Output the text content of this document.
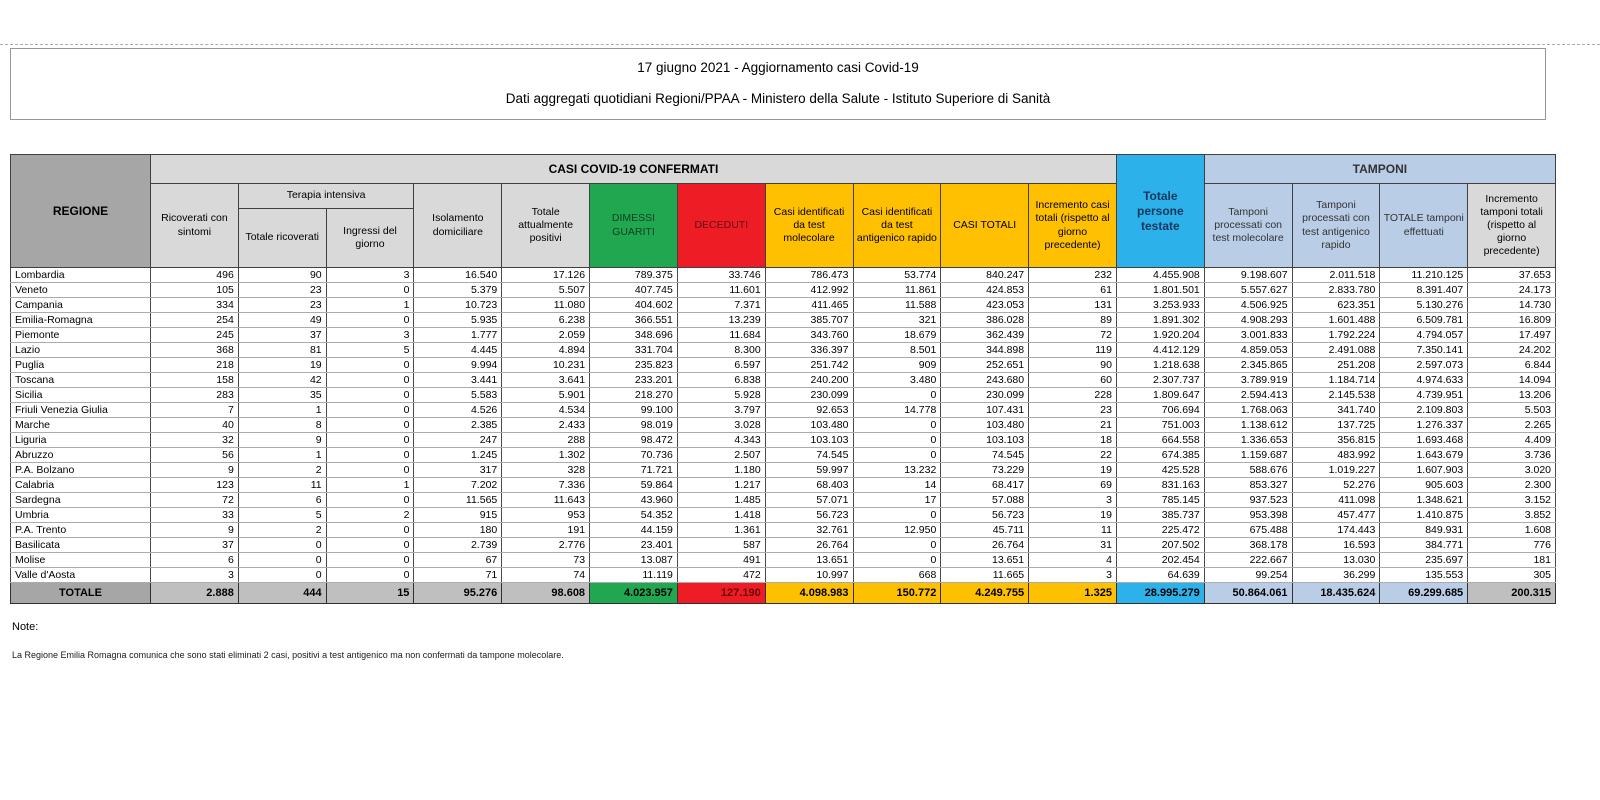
17 giugno 2021 - Aggiornamento casi Covid-19
Dati aggregati quotidiani Regioni/PPAA - Ministero della Salute - Istituto Superiore di Sanità
REGIONE	CASI COVID-19 CONFERMATI											Totale persone testate	TAMPONI			
	Ricoverati con sintomi	Terapia intensiva		Isolamento domiciliare	Totale attualmente positivi	DIMESSI GUARITI	DECEDUTI	Casi identificati da test molecolare	Casi identificati da test antigenico rapido	CASI TOTALI	Incremento casi totali (rispetto al giorno precedente)		Tamponi processati con test molecolare	Tamponi processati con test antigenico rapido	TOTALE tamponi effettuati	Incremento tamponi totali (rispetto al giorno precedente)
		Totale ricoverati	Ingressi del giorno													
Lombardia	496	90	3	16.540	17.126	789.375	33.746	786.473	53.774	840.247	232	4.455.908	9.198.607	2.011.518	11.210.125	37.653
Veneto	105	23	0	5.379	5.507	407.745	11.601	412.992	11.861	424.853	61	1.801.501	5.557.627	2.833.780	8.391.407	24.173
Campania	334	23	1	10.723	11.080	404.602	7.371	411.465	11.588	423.053	131	3.253.933	4.506.925	623.351	5.130.276	14.730
Emilia-Romagna	254	49	0	5.935	6.238	366.551	13.239	385.707	321	386.028	89	1.891.302	4.908.293	1.601.488	6.509.781	16.809
Piemonte	245	37	3	1.777	2.059	348.696	11.684	343.760	18.679	362.439	72	1.920.204	3.001.833	1.792.224	4.794.057	17.497
Lazio	368	81	5	4.445	4.894	331.704	8.300	336.397	8.501	344.898	119	4.412.129	4.859.053	2.491.088	7.350.141	24.202
Puglia	218	19	0	9.994	10.231	235.823	6.597	251.742	909	252.651	90	1.218.638	2.345.865	251.208	2.597.073	6.844
Toscana	158	42	0	3.441	3.641	233.201	6.838	240.200	3.480	243.680	60	2.307.737	3.789.919	1.184.714	4.974.633	14.094
Sicilia	283	35	0	5.583	5.901	218.270	5.928	230.099	0	230.099	228	1.809.647	2.594.413	2.145.538	4.739.951	13.206
Friuli Venezia Giulia	7	1	0	4.526	4.534	99.100	3.797	92.653	14.778	107.431	23	706.694	1.768.063	341.740	2.109.803	5.503
Marche	40	8	0	2.385	2.433	98.019	3.028	103.480	0	103.480	21	751.003	1.138.612	137.725	1.276.337	2.265
Liguria	32	9	0	247	288	98.472	4.343	103.103	0	103.103	18	664.558	1.336.653	356.815	1.693.468	4.409
Abruzzo	56	1	0	1.245	1.302	70.736	2.507	74.545	0	74.545	22	674.385	1.159.687	483.992	1.643.679	3.736
P.A. Bolzano	9	2	0	317	328	71.721	1.180	59.997	13.232	73.229	19	425.528	588.676	1.019.227	1.607.903	3.020
Calabria	123	11	1	7.202	7.336	59.864	1.217	68.403	14	68.417	69	831.163	853.327	52.276	905.603	2.300
Sardegna	72	6	0	11.565	11.643	43.960	1.485	57.071	17	57.088	3	785.145	937.523	411.098	1.348.621	3.152
Umbria	33	5	2	915	953	54.352	1.418	56.723	0	56.723	19	385.737	953.398	457.477	1.410.875	3.852
P.A. Trento	9	2	0	180	191	44.159	1.361	32.761	12.950	45.711	11	225.472	675.488	174.443	849.931	1.608
Basilicata	37	0	0	2.739	2.776	23.401	587	26.764	0	26.764	31	207.502	368.178	16.593	384.771	776
Molise	6	0	0	67	73	13.087	491	13.651	0	13.651	4	202.454	222.667	13.030	235.697	181
Valle d'Aosta	3	0	0	71	74	11.119	472	10.997	668	11.665	3	64.639	99.254	36.299	135.553	305
TOTALE	2.888	444	15	95.276	98.608	4.023.957	127.190	4.098.983	150.772	4.249.755	1.325	28.995.279	50.864.061	18.435.624	69.299.685	200.315
Note:
La Regione Emilia Romagna comunica che sono stati eliminati 2 casi, positivi a test antigenico ma non confermati da tampone molecolare.
